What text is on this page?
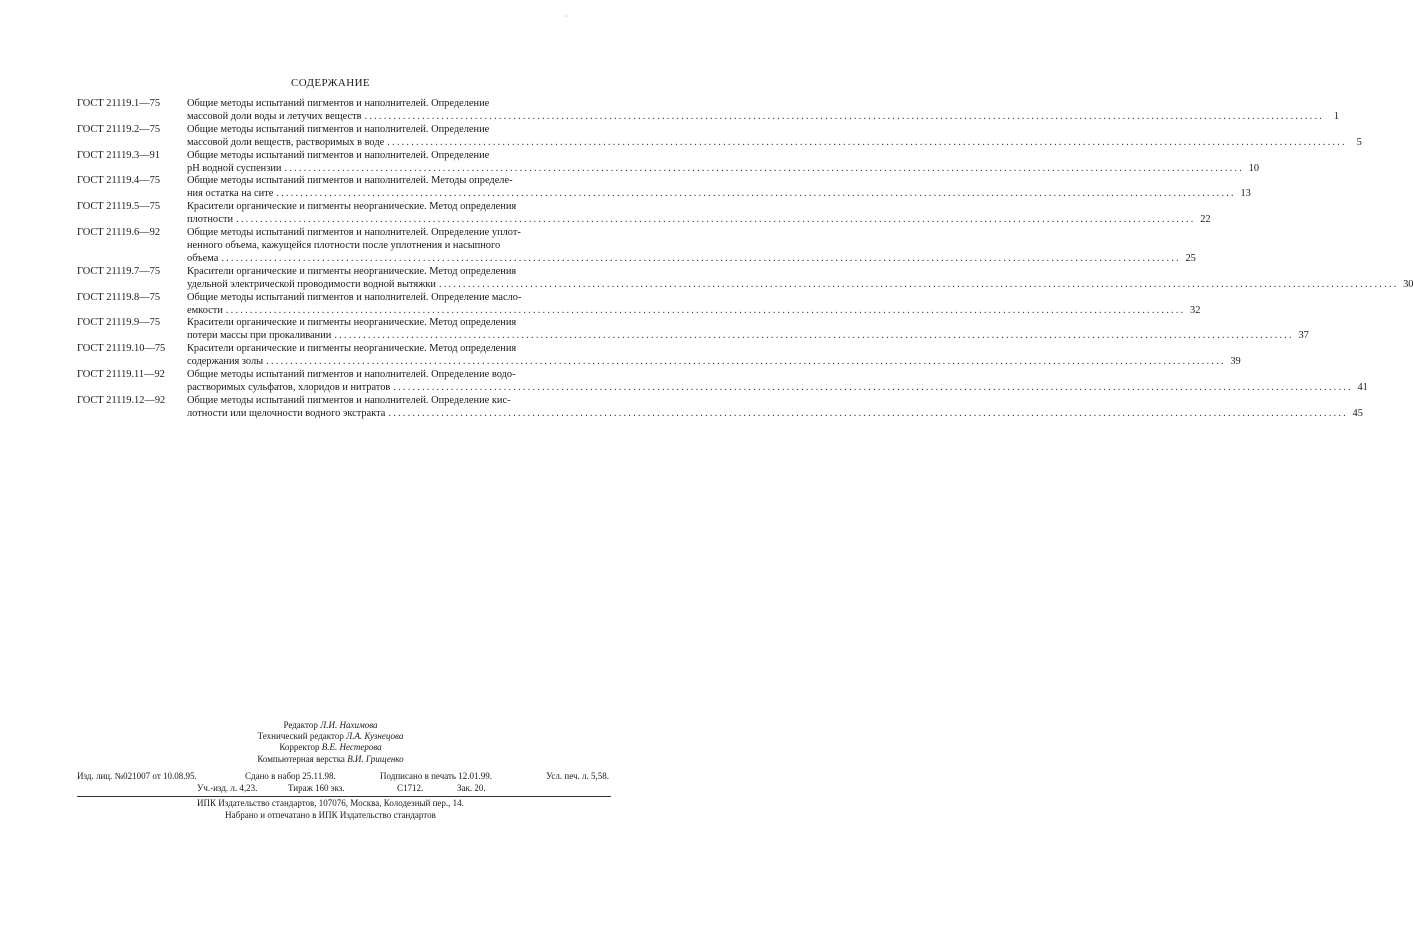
·
СОДЕРЖАНИЕ
ГОСТ 21119.1—75	Общие методы испытаний пигментов и наполнителей. Определение
массовой доли воды и летучих веществ ........................................................................................................................................................................................................ 1
ГОСТ 21119.2—75	Общие методы испытаний пигментов и наполнителей. Определение
массовой доли веществ, растворимых в воде ........................................................................................................................................................................................................ 5
ГОСТ 21119.3—91	Общие методы испытаний пигментов и наполнителей. Определение
pH водной суспензии ........................................................................................................................................................................................................ 10
ГОСТ 21119.4—75	Общие методы испытаний пигментов и наполнителей. Методы определе-
ния остатка на сите ........................................................................................................................................................................................................ 13
ГОСТ 21119.5—75	Красители органические и пигменты неорганические. Метод определения
плотности ........................................................................................................................................................................................................ 22
ГОСТ 21119.6—92	Общие методы испытаний пигментов и наполнителей. Определение уплот-
ненного объема, кажущейся плотности после уплотнения и насыпного
объема ........................................................................................................................................................................................................ 25
ГОСТ 21119.7—75	Красители органические и пигменты неорганические. Метод определения
удельной электрической проводимости водной вытяжки ........................................................................................................................................................................................................ 30
ГОСТ 21119.8—75	Общие методы испытаний пигментов и наполнителей. Определение масло-
емкости ........................................................................................................................................................................................................ 32
ГОСТ 21119.9—75	Красители органические и пигменты неорганические. Метод определения
потери массы при прокаливании ........................................................................................................................................................................................................ 37
ГОСТ 21119.10—75 Красители органические и пигменты неорганические. Метод определения
содержания золы ........................................................................................................................................................................................................ 39
ГОСТ 21119.11—92 Общие методы испытаний пигментов и наполнителей. Определение водо-
растворимых сульфатов, хлоридов и нитратов ........................................................................................................................................................................................................ 41
ГОСТ 21119.12—92 Общие методы испытаний пигментов и наполнителей. Определение кис-
лотности или щелочности водного экстракта ........................................................................................................................................................................................................ 45
Редактор Л.И. Нахимова
Технический редактор Л.А. Кузнецова
Корректор В.Е. Нестерова
Компьютерная верстка В.И. Грищенко
Изд. лиц. №021007 от 10.08.95.	Сдано в набор 25.11.98.	Подписано в печать 12.01.99.	Усл. печ. л. 5,58.
Уч.-изд. л. 4,23.	Тираж 160 экз.	С1712.	Зак. 20.
ИПК Издательство стандартов, 107076, Москва, Колодезный пер., 14.
Набрано и отпечатано в ИПК Издательство стандартов
